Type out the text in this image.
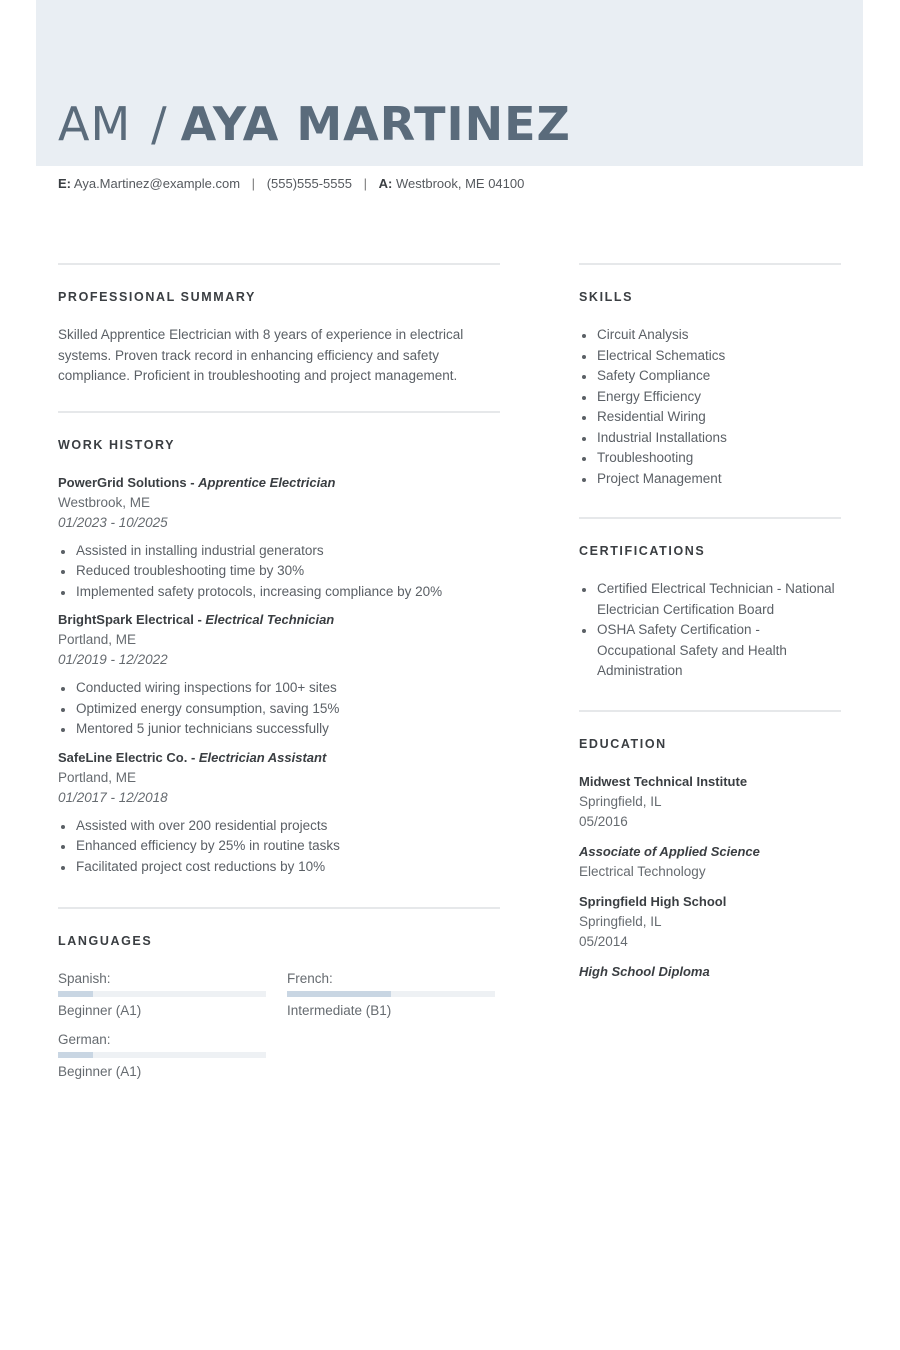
AM / AYA MARTINEZ
E: Aya.Martinez@example.com | (555)555-5555 | A: Westbrook, ME 04100
PROFESSIONAL SUMMARY

Skilled Apprentice Electrician with 8 years of experience in electrical systems. Proven track record in enhancing efficiency and safety compliance. Proficient in troubleshooting and project management.

WORK HISTORY
PowerGrid Solutions - Apprentice Electrician
Westbrook, ME
01/2023 - 10/2025
Assisted in installing industrial generators
Reduced troubleshooting time by 30%
Implemented safety protocols, increasing compliance by 20%
BrightSpark Electrical - Electrical Technician
Portland, ME
01/2019 - 12/2022
Conducted wiring inspections for 100+ sites
Optimized energy consumption, saving 15%
Mentored 5 junior technicians successfully
SafeLine Electric Co. - Electrician Assistant
Portland, ME
01/2017 - 12/2018
Assisted with over 200 residential projects
Enhanced efficiency by 25% in routine tasks
Facilitated project cost reductions by 10%
LANGUAGES
Spanish:
Beginner (A1)
French:
Intermediate (B1)
German:
Beginner (A1)
SKILLS
Circuit Analysis
Electrical Schematics
Safety Compliance
Energy Efficiency
Residential Wiring
Industrial Installations
Troubleshooting
Project Management
CERTIFICATIONS
Certified Electrical Technician - National Electrician Certification Board
OSHA Safety Certification - Occupational Safety and Health Administration
EDUCATION
Midwest Technical Institute
Springfield, IL
05/2016
Associate of Applied Science
Electrical Technology
Springfield High School
Springfield, IL
05/2014
High School Diploma
